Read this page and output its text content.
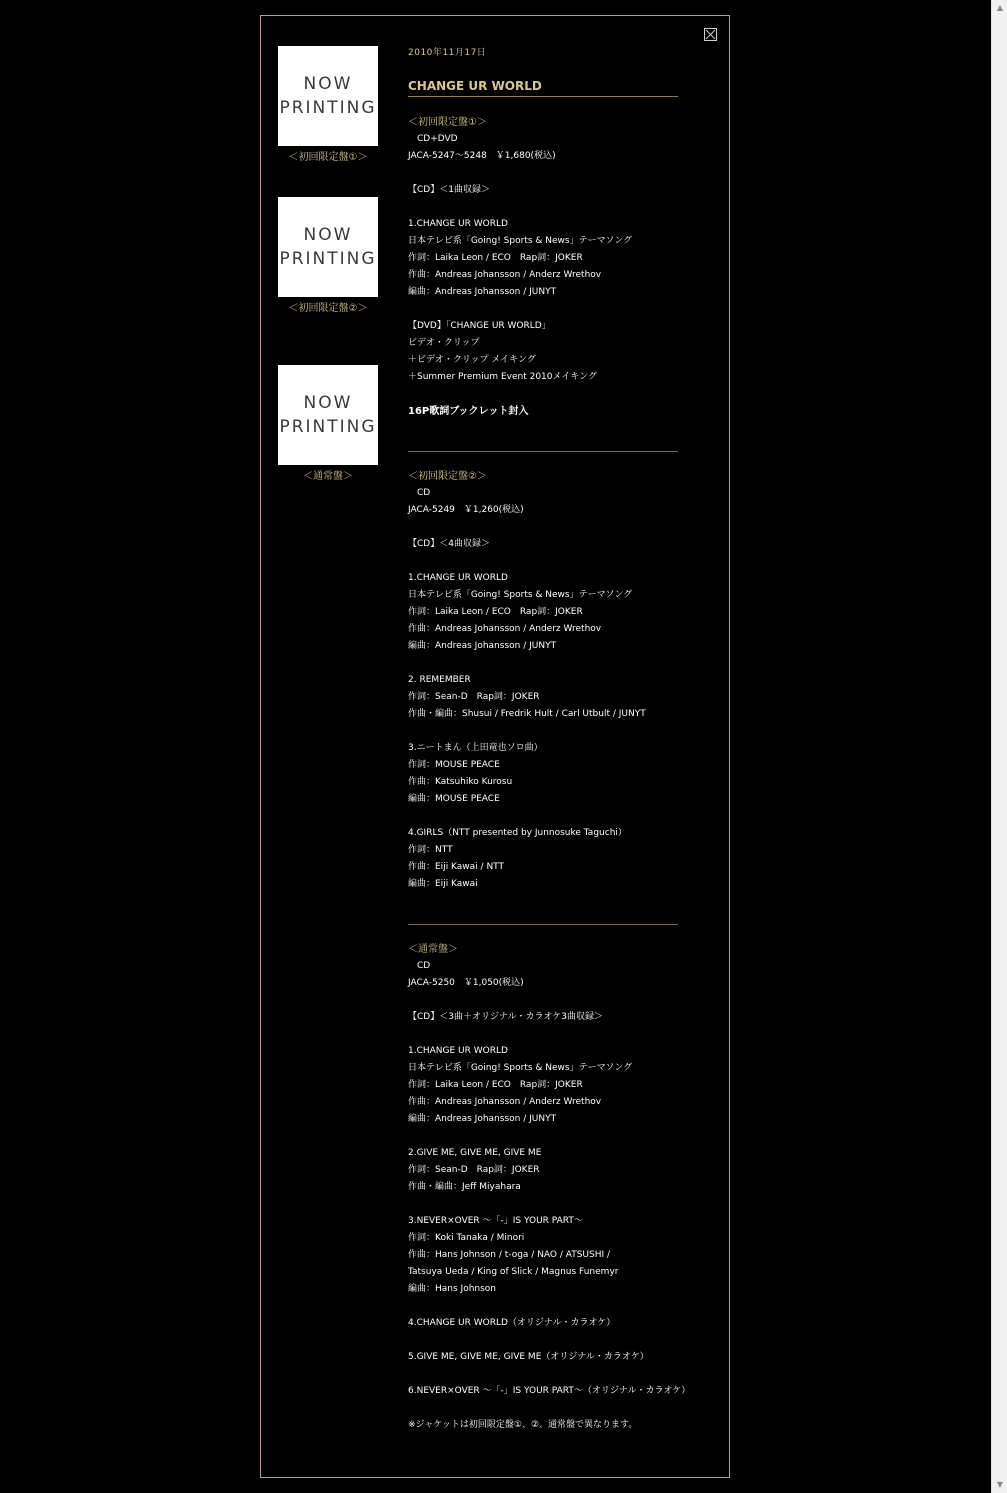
NOW
PRINTING
＜初回限定盤①＞
NOW
PRINTING
＜初回限定盤②＞
NOW
PRINTING
＜通常盤＞
2010年11月17日
CHANGE UR WORLD
＜初回限定盤①＞
　CD+DVD
JACA-5247～5248　￥1,680(税込)
【CD】＜1曲収録＞
1.CHANGE UR WORLD
日本テレビ系「Going! Sports & News」テーマソング
作詞：Laika Leon / ECO　Rap詞：JOKER
作曲：Andreas Johansson / Anderz Wrethov
編曲：Andreas Johansson / JUNYT
【DVD】「CHANGE UR WORLD」
ビデオ・クリップ
＋ビデオ・クリップ メイキング
＋Summer Premium Event 2010メイキング
16P歌詞ブックレット封入
＜初回限定盤②＞
　CD
JACA-5249　￥1,260(税込)
【CD】＜4曲収録＞
1.CHANGE UR WORLD
日本テレビ系「Going! Sports & News」テーマソング
作詞：Laika Leon / ECO　Rap詞：JOKER
作曲：Andreas Johansson / Anderz Wrethov
編曲：Andreas Johansson / JUNYT
2. REMEMBER
作詞：Sean-D　Rap詞：JOKER
作曲・編曲：Shusui / Fredrik Hult / Carl Utbult / JUNYT
3.ニートまん（上田竜也ソロ曲）
作詞：MOUSE PEACE
作曲：Katsuhiko Kurosu
編曲：MOUSE PEACE
4.GIRLS（NTT presented by Junnosuke Taguchi）
作詞：NTT
作曲：Eiji Kawai / NTT
編曲：Eiji Kawai
＜通常盤＞
　CD
JACA-5250　￥1,050(税込)
【CD】＜3曲＋オリジナル・カラオケ3曲収録＞
1.CHANGE UR WORLD
日本テレビ系「Going! Sports & News」テーマソング
作詞：Laika Leon / ECO　Rap詞：JOKER
作曲：Andreas Johansson / Anderz Wrethov
編曲：Andreas Johansson / JUNYT
2.GIVE ME, GIVE ME, GIVE ME
作詞：Sean-D　Rap詞：JOKER
作曲・編曲：Jeff Miyahara
3.NEVER×OVER ～「-」IS YOUR PART～
作詞：Koki Tanaka / Minori
作曲：Hans Johnson / t-oga / NAO / ATSUSHI /
Tatsuya Ueda / King of Slick / Magnus Funemyr
編曲：Hans Johnson
4.CHANGE UR WORLD（オリジナル・カラオケ）
5.GIVE ME, GIVE ME, GIVE ME（オリジナル・カラオケ）
6.NEVER×OVER ～「-」IS YOUR PART～（オリジナル・カラオケ）
※ジャケットは初回限定盤①、②、通常盤で異なります。
▲
▼
